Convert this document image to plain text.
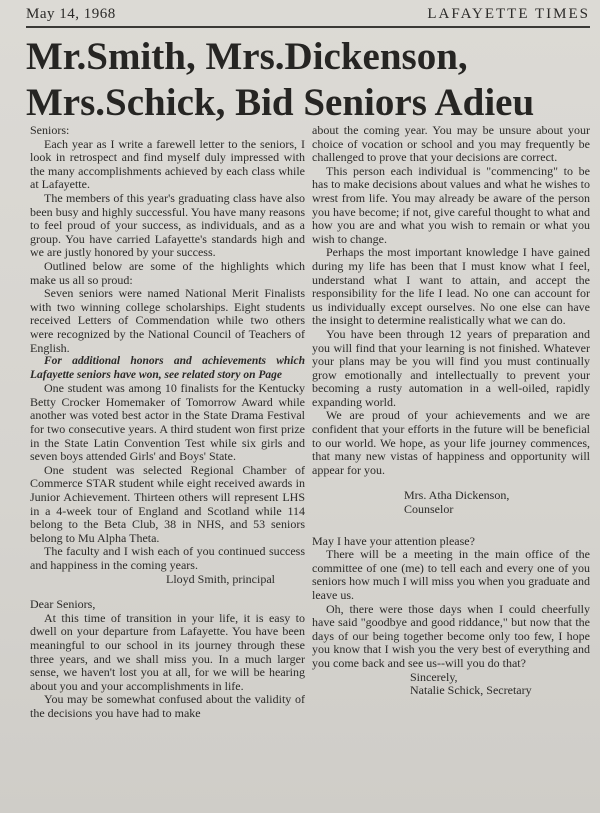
May 14, 1968	LAFAYETTE TIMES
Mr.Smith, Mrs.Dickenson,
Mrs.Schick, Bid Seniors Adieu

Seniors:

Each year as I write a farewell letter to the seniors, I look in retrospect and find myself duly impressed with the many accomplishments achieved by each class while at Lafayette.

The members of this year's graduating class have also been busy and highly successful. You have many reasons to feel proud of your success, as individuals, and as a group. You have carried Lafayette's standards high and we are justly honored by your success.

Outlined below are some of the highlights which make us all so proud:

Seven seniors were named National Merit Finalists with two winning college scholarships. Eight students received Letters of Commendation while two others were recognized by the National Council of Teachers of English.

For additional honors and achievements which Lafayette seniors have won, see related story on Page

One student was among 10 finalists for the Kentucky Betty Crocker Homemaker of Tomorrow Award while another was voted best actor in the State Drama Festival for two consecutive years. A third student won first prize in the State Latin Convention Test while six girls and seven boys attended Girls' and Boys' State.

One student was selected Regional Chamber of Commerce STAR student while eight received awards in Junior Achievement. Thirteen others will represent LHS in a 4-week tour of England and Scotland while 114 belong to the Beta Club, 38 in NHS, and 53 seniors belong to Mu Alpha Theta.

The faculty and I wish each of you continued success and happiness in the coming years.

Lloyd Smith, principal

Dear Seniors,

At this time of transition in your life, it is easy to dwell on your departure from Lafayette. You have been meaningful to our school in its journey through these three years, and we shall miss you. In a much larger sense, we haven't lost you at all, for we will be hearing about you and your accomplishments in life.

You may be somewhat confused about the validity of the decisions you have had to make

about the coming year. You may be unsure about your choice of vocation or school and you may frequently be challenged to prove that your decisions are correct.

This person each individual is "commencing" to be has to make decisions about values and what he wishes to wrest from life. You may already be aware of the person you have become; if not, give careful thought to what and how you are and what you wish to remain or what you wish to change.

Perhaps the most important knowledge I have gained during my life has been that I must know what I feel, understand what I want to attain, and accept the responsibility for the life I lead. No one can account for us individually except ourselves. No one else can have the insight to determine realistically what we can do.

You have been through 12 years of preparation and you will find that your learning is not finished. Whatever your plans may be you will find you must continually grow emotionally and intellectually to prevent your becoming a rusty automation in a well-oiled, rapidly expanding world.

We are proud of your achievements and we are confident that your efforts in the future will be beneficial to our world. We hope, as your life journey commences, that many new vistas of happiness and opportunity will appear for you.

Mrs. Atha Dickenson,

Counselor

May I have your attention please?

There will be a meeting in the main office of the committee of one (me) to tell each and every one of you seniors how much I will miss you when you graduate and leave us.

Oh, there were those days when I could cheerfully have said "goodbye and good riddance," but now that the days of our being together become only too few, I hope you know that I wish you the very best of everything and you come back and see us--will you do that?

Sincerely,

Natalie Schick, Secretary
